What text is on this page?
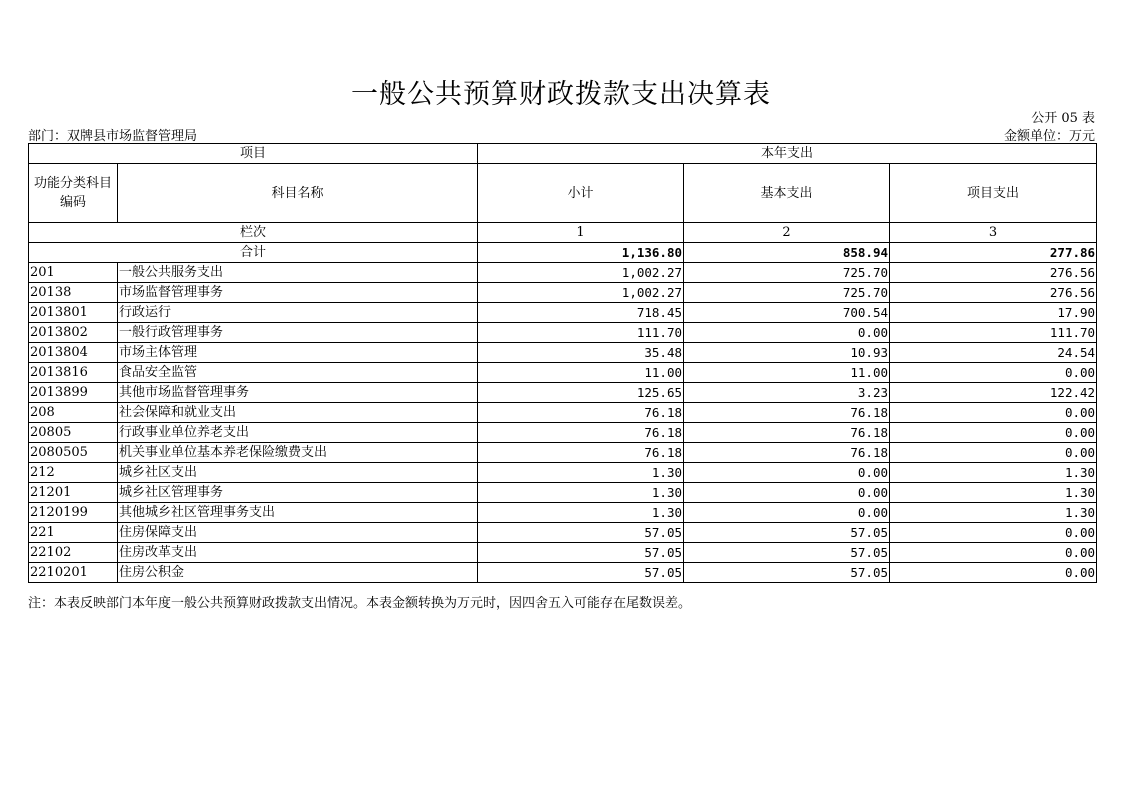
一般公共预算财政拨款支出决算表
公开 05 表
部门：双牌县市场监督管理局	金额单位：万元
项目		本年支出		
功能分类科目编码	科目名称	小计	基本支出	项目支出
栏次		1	2	3
合计		1,136.80	858.94	277.86
201	一般公共服务支出	1,002.27	725.70	276.56
20138	市场监督管理事务	1,002.27	725.70	276.56
2013801	行政运行	718.45	700.54	17.90
2013802	一般行政管理事务	111.70	0.00	111.70
2013804	市场主体管理	35.48	10.93	24.54
2013816	食品安全监管	11.00	11.00	0.00
2013899	其他市场监督管理事务	125.65	3.23	122.42
208	社会保障和就业支出	76.18	76.18	0.00
20805	行政事业单位养老支出	76.18	76.18	0.00
2080505	机关事业单位基本养老保险缴费支出	76.18	76.18	0.00
212	城乡社区支出	1.30	0.00	1.30
21201	城乡社区管理事务	1.30	0.00	1.30
2120199	其他城乡社区管理事务支出	1.30	0.00	1.30
221	住房保障支出	57.05	57.05	0.00
22102	住房改革支出	57.05	57.05	0.00
2210201	住房公积金	57.05	57.05	0.00
注：本表反映部门本年度一般公共预算财政拨款支出情况。本表金额转换为万元时，因四舍五入可能存在尾数误差。
